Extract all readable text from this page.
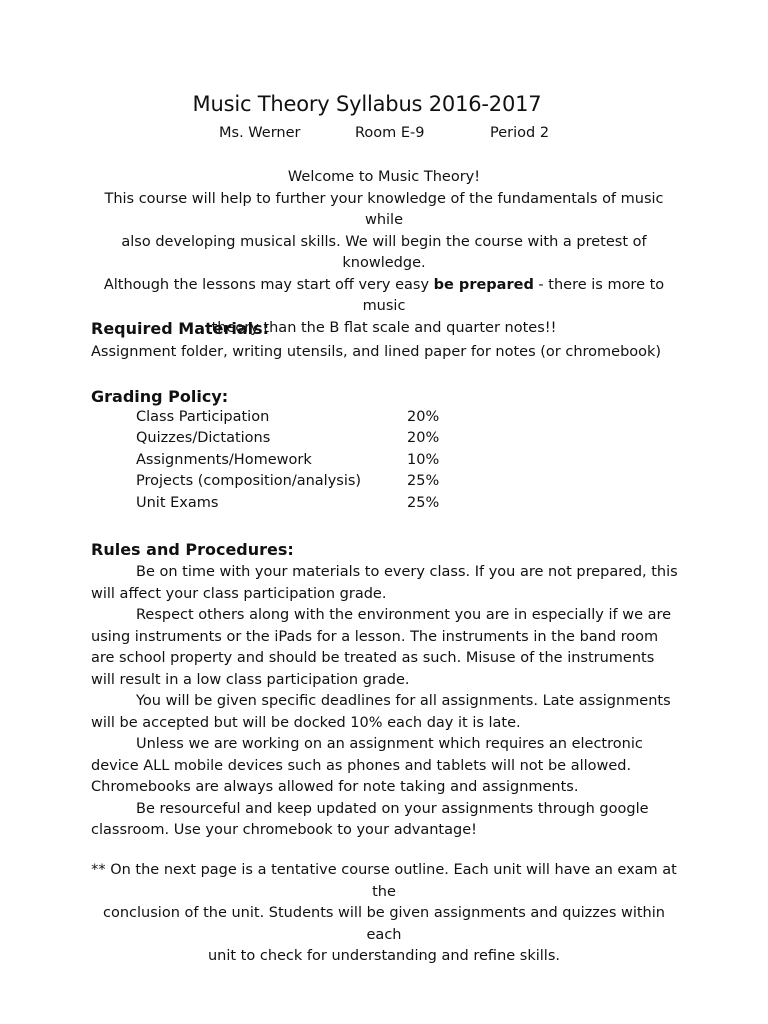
Music Theory Syllabus 2016-2017
Ms. Werner	Room E-9	Period 2

Welcome to Music Theory!

This course will help to further your knowledge of the fundamentals of music while

also developing musical skills. We will begin the course with a pretest of knowledge.

Although the lessons may start off very easy be prepared - there is more to music

theory than the B flat scale and quarter notes!!

Required Materials:
Assignment folder, writing utensils, and lined paper for notes (or chromebook)
Grading Policy:
Class Participation	20%
Quizzes/Dictations	20%
Assignments/Homework	10%
Projects (composition/analysis)	25%
Unit Exams	25%
Rules and Procedures:

Be on time with your materials to every class. If you are not prepared, this will affect your class participation grade.

Respect others along with the environment you are in especially if we are using instruments or the iPads for a lesson. The instruments in the band room are school property and should be treated as such. Misuse of the instruments will result in a low class participation grade.

You will be given specific deadlines for all assignments. Late assignments will be accepted but will be docked 10% each day it is late.

Unless we are working on an assignment which requires an electronic device ALL mobile devices such as phones and tablets will not be allowed. Chromebooks are always allowed for note taking and assignments.

Be resourceful and keep updated on your assignments through google classroom. Use your chromebook to your advantage!

** On the next page is a tentative course outline. Each unit will have an exam at the
conclusion of the unit. Students will be given assignments and quizzes within each
unit to check for understanding and refine skills.
